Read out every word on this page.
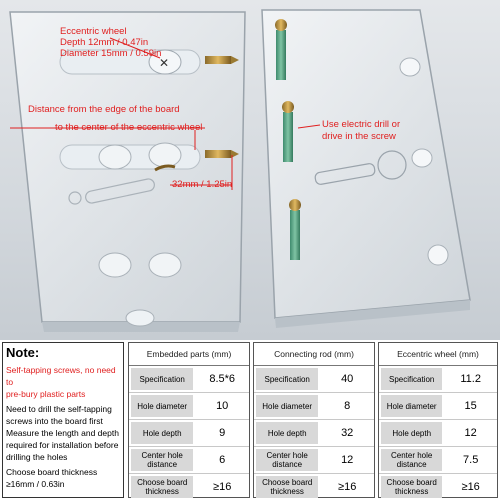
✕
Eccentric wheel
Depth 12mm / 0.47in
Diameter 15mm / 0.59in
Distance from the edge of the board
to the center of the eccentric wheel
32mm / 1.25in
Use electric drill or
drive in the screw
Note:
Self-tapping screws, no need to
pre-bury plastic parts
Need to drill the self-tapping
screws into the board first
Measure the length and depth
required for installation before
drilling the holes
Choose board thickness
≥16mm / 0.63in
Embedded parts (mm)
Specification	8.5*6
Hole diameter	10
Hole depth	9
Center hole distance	6
Choose board thickness	≥16
Connecting rod (mm)
Specification	40
Hole diameter	8
Hole depth	32
Center hole distance	12
Choose board thickness	≥16
Eccentric wheel (mm)
Specification	11.2
Hole diameter	15
Hole depth	12
Center hole distance	7.5
Choose board thickness	≥16
